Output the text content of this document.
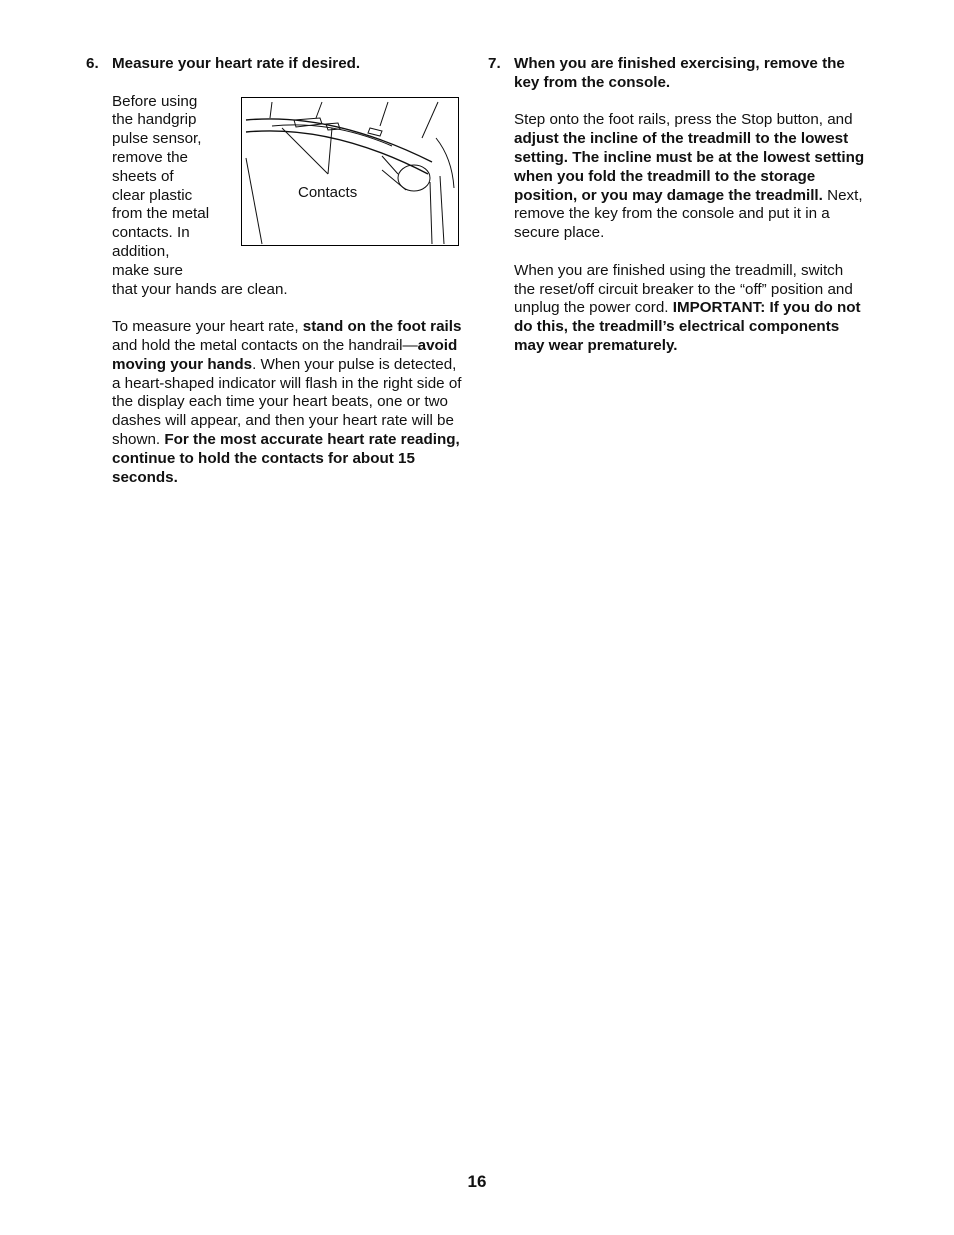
6. Measure your heart rate if desired.
Before using
the handgrip
pulse sensor,
remove the
sheets of
clear plastic
from the metal
contacts. In
addition,
make sure
that your hands are clean.

To measure your heart rate, stand on the foot rails and hold the metal contacts on the handrail—avoid moving your hands. When your pulse is detected, a heart-shaped indicator will flash in the right side of the display each time your heart beats, one or two dashes will appear, and then your heart rate will be shown. For the most accurate heart rate reading, continue to hold the contacts for about 15 seconds.

Contacts
7. When you are finished exercising, remove the key from the console.

Step onto the foot rails, press the Stop button, and adjust the incline of the treadmill to the lowest setting. The incline must be at the lowest setting when you fold the treadmill to the storage position, or you may damage the treadmill. Next, remove the key from the console and put it in a secure place.

When you are finished using the treadmill, switch the reset/off circuit breaker to the “off” position and unplug the power cord. IMPORTANT: If you do not do this, the treadmill’s electrical components may wear prematurely.

16
